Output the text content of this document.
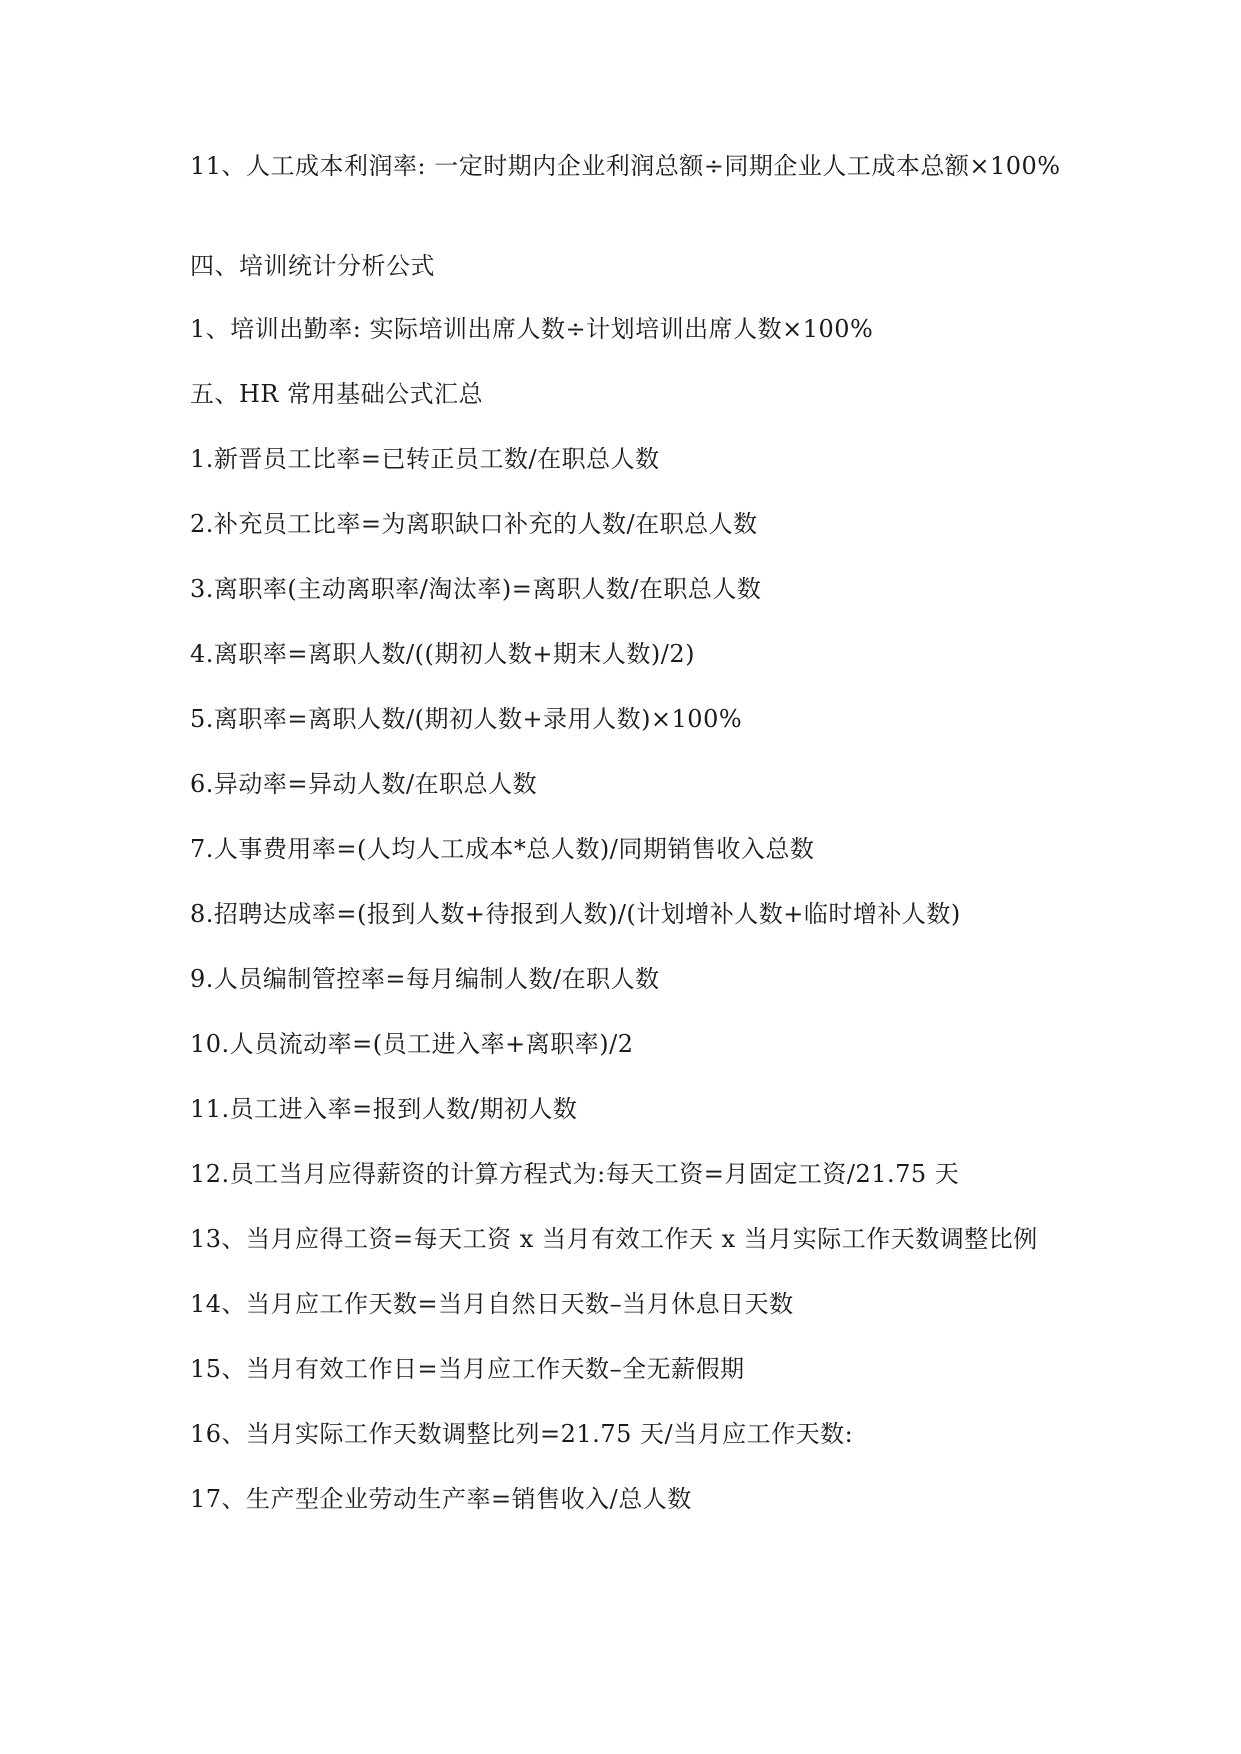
11、人工成本利润率: 一定时期内企业利润总额÷同期企业人工成本总额×100%
四、培训统计分析公式
1、培训出勤率: 实际培训出席人数÷计划培训出席人数×100%
五、HR 常用基础公式汇总
1.新晋员工比率=已转正员工数/在职总人数
2.补充员工比率=为离职缺口补充的人数/在职总人数
3.离职率(主动离职率/淘汰率)=离职人数/在职总人数
4.离职率=离职人数/((期初人数+期末人数)/2)
5.离职率=离职人数/(期初人数+录用人数)×100%
6.异动率=异动人数/在职总人数
7.人事费用率=(人均人工成本*总人数)/同期销售收入总数
8.招聘达成率=(报到人数+待报到人数)/(计划增补人数+临时增补人数)
9.人员编制管控率=每月编制人数/在职人数
10.人员流动率=(员工进入率+离职率)/2
11.员工进入率=报到人数/期初人数
12.员工当月应得薪资的计算方程式为:每天工资=月固定工资/21.75 天
13、当月应得工资=每天工资 x 当月有效工作天 x 当月实际工作天数调整比例
14、当月应工作天数=当月自然日天数–当月休息日天数
15、当月有效工作日=当月应工作天数–全无薪假期
16、当月实际工作天数调整比列=21.75 天/当月应工作天数:
17、生产型企业劳动生产率=销售收入/总人数
